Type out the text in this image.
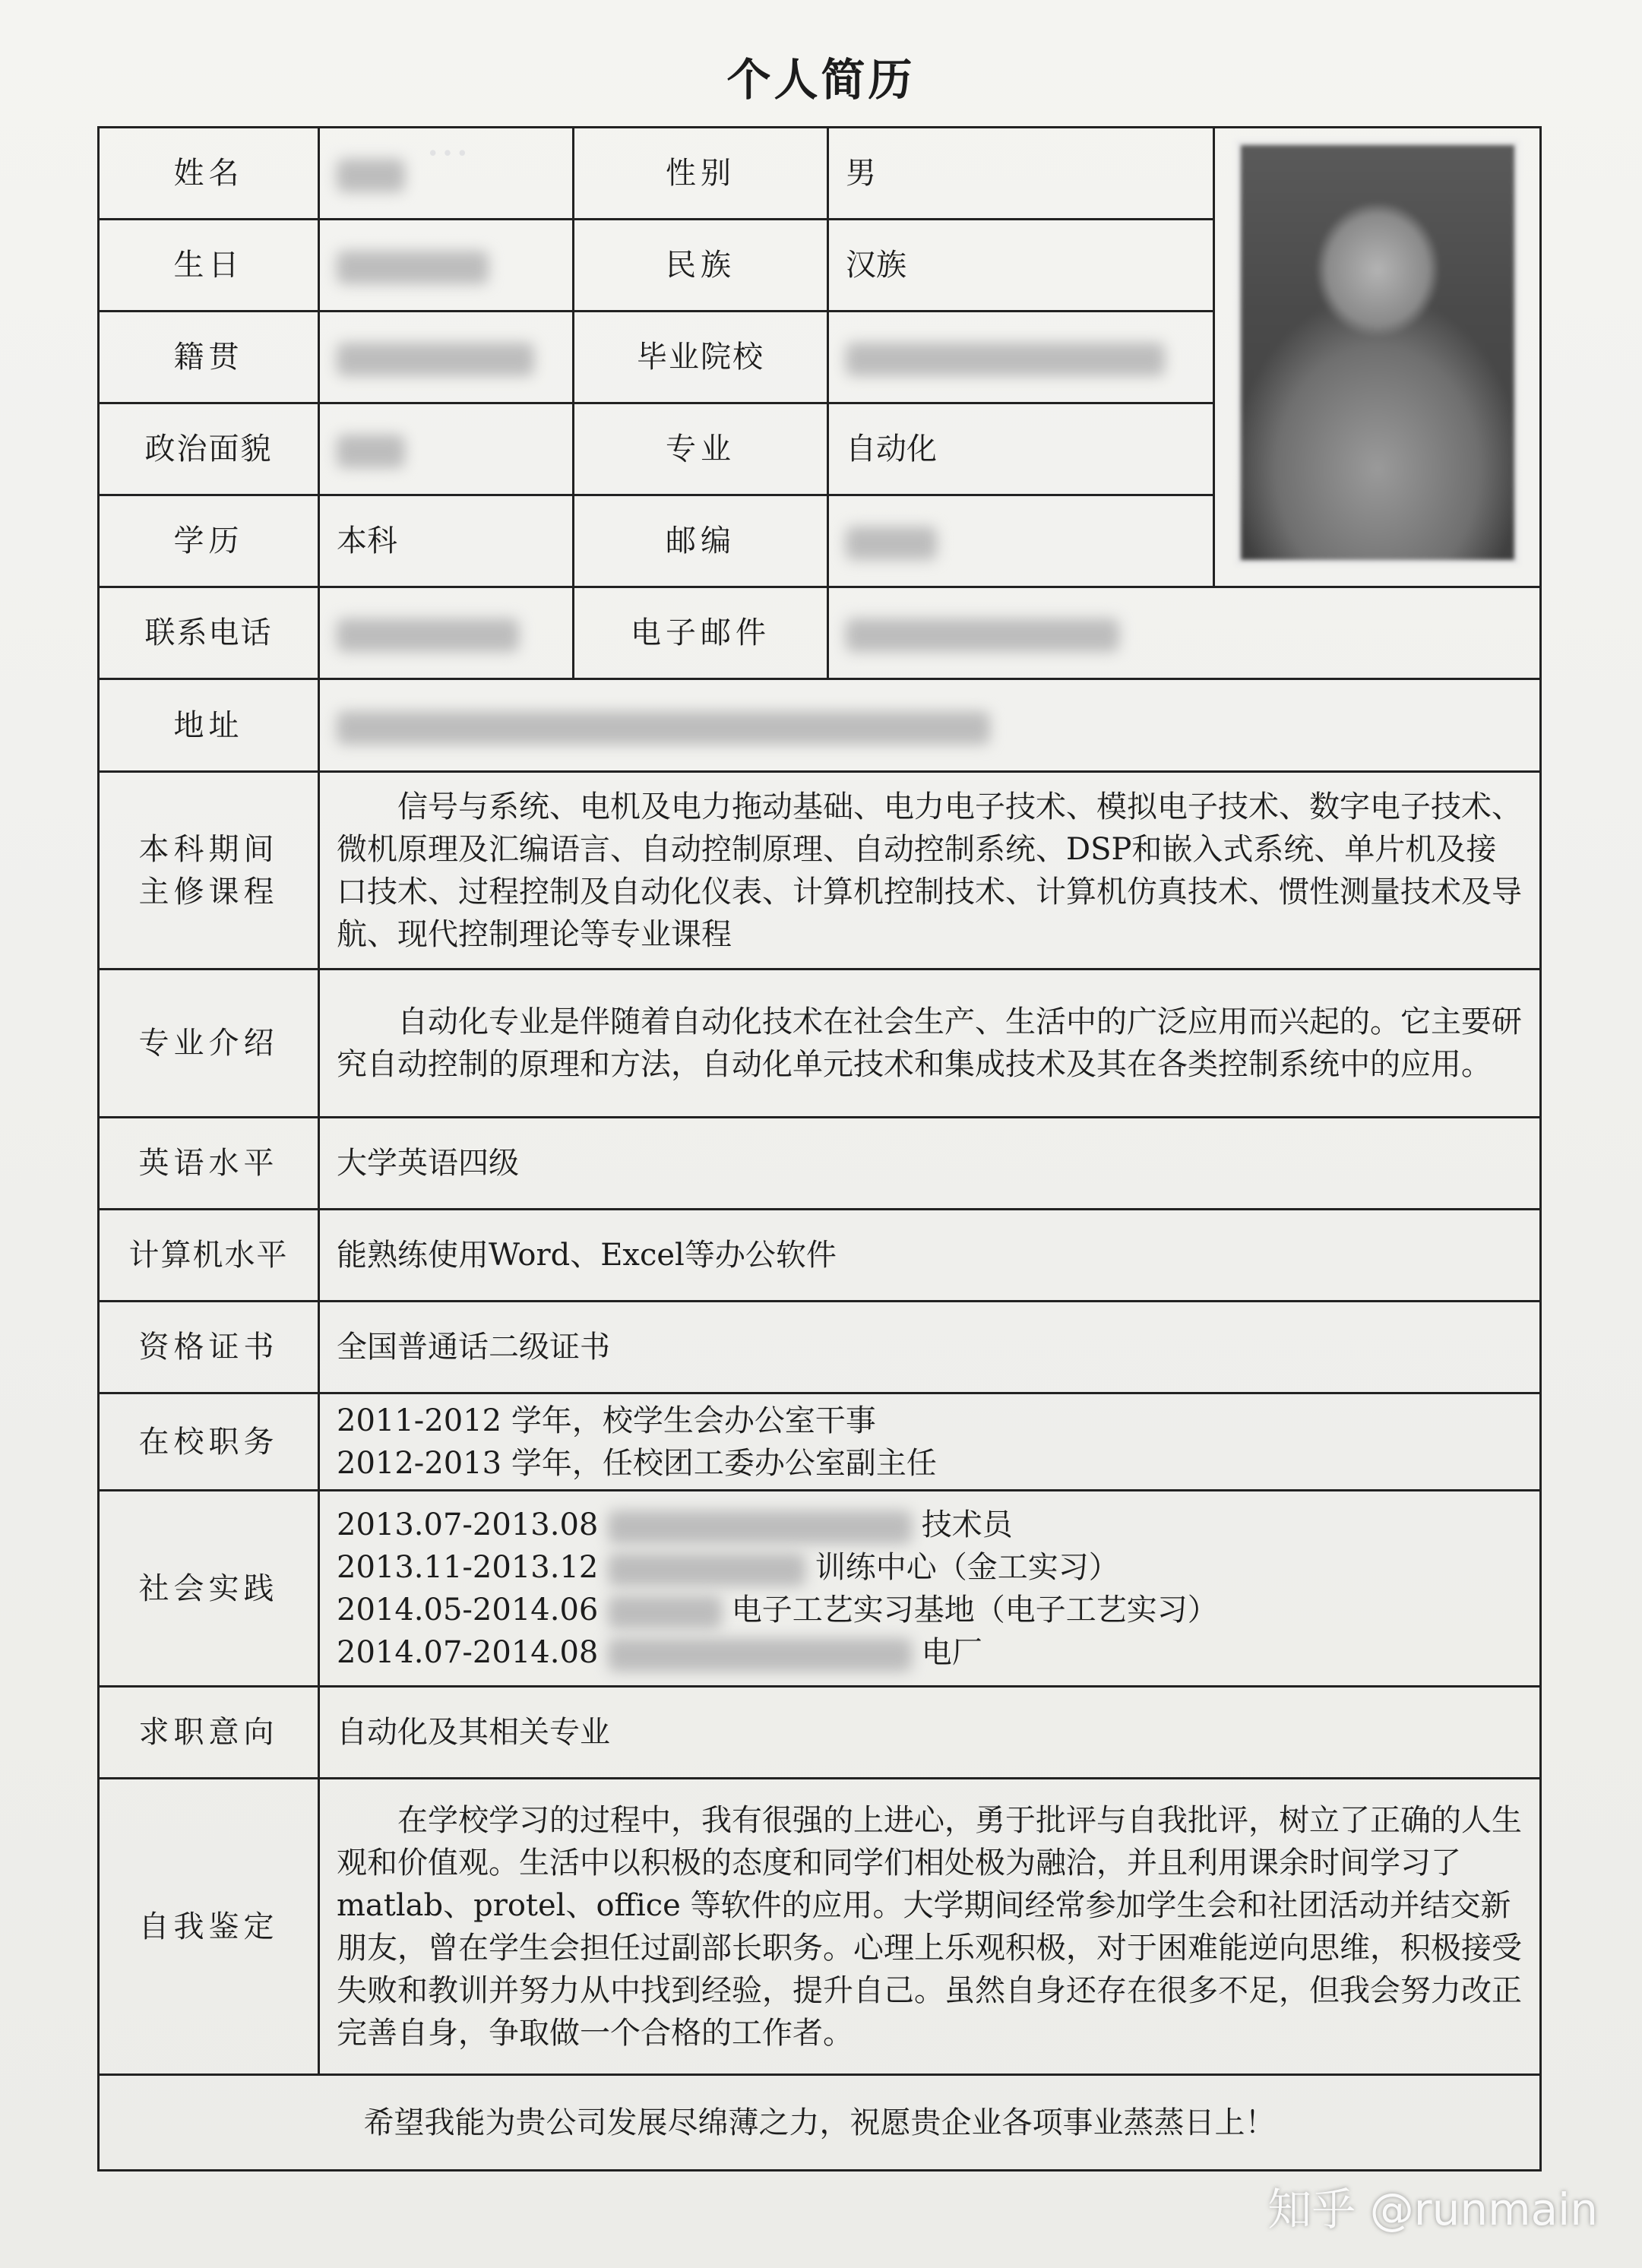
…
个人简历
姓名		性别	男	
生日		民族	汉族	
籍贯		毕业院校		
政治面貌		专业	自动化	
学历	本科	邮编		
联系电话		电子邮件		
地址				

本科期间
主修课程	信号与系统、电机及电力拖动基础、电力电子技术、模拟电子技术、数字电子技术、微机原理及汇编语言、自动控制原理、自动控制系统、DSP和嵌入式系统、单片机及接口技术、过程控制及自动化仪表、计算机控制技术、计算机仿真技术、惯性测量技术及导航、现代控制理论等专业课程			
专业介绍	自动化专业是伴随着自动化技术在社会生产、生活中的广泛应用而兴起的。它主要研究自动控制的原理和方法，自动化单元技术和集成技术及其在各类控制系统中的应用。			
英语水平	大学英语四级			
计算机水平	能熟练使用Word、Excel等办公软件			
资格证书	全国普通话二级证书			
在校职务	2011-2012 学年，校学生会办公室干事
2012-2013 学年，任校团工委办公室副主任			

社会实践	2013.07-2013.08 技术员
2013.11-2013.12 训练中心（金工实习）
2014.05-2014.06 电子工艺实习基地（电子工艺实习）
2014.07-2014.08 电厂			

求职意向	自动化及其相关专业			
自我鉴定	在学校学习的过程中，我有很强的上进心，勇于批评与自我批评，树立了正确的人生观和价值观。生活中以积极的态度和同学们相处极为融洽，并且利用课余时间学习了 matlab、protel、office 等软件的应用。大学期间经常参加学生会和社团活动并结交新朋友，曾在学生会担任过副部长职务。心理上乐观积极，对于困难能逆向思维，积极接受失败和教训并努力从中找到经验，提升自己。虽然自身还存在很多不足，但我会努力改正完善自身，争取做一个合格的工作者。			
希望我能为贵公司发展尽绵薄之力，祝愿贵企业各项事业蒸蒸日上！				
知乎 @runmain
